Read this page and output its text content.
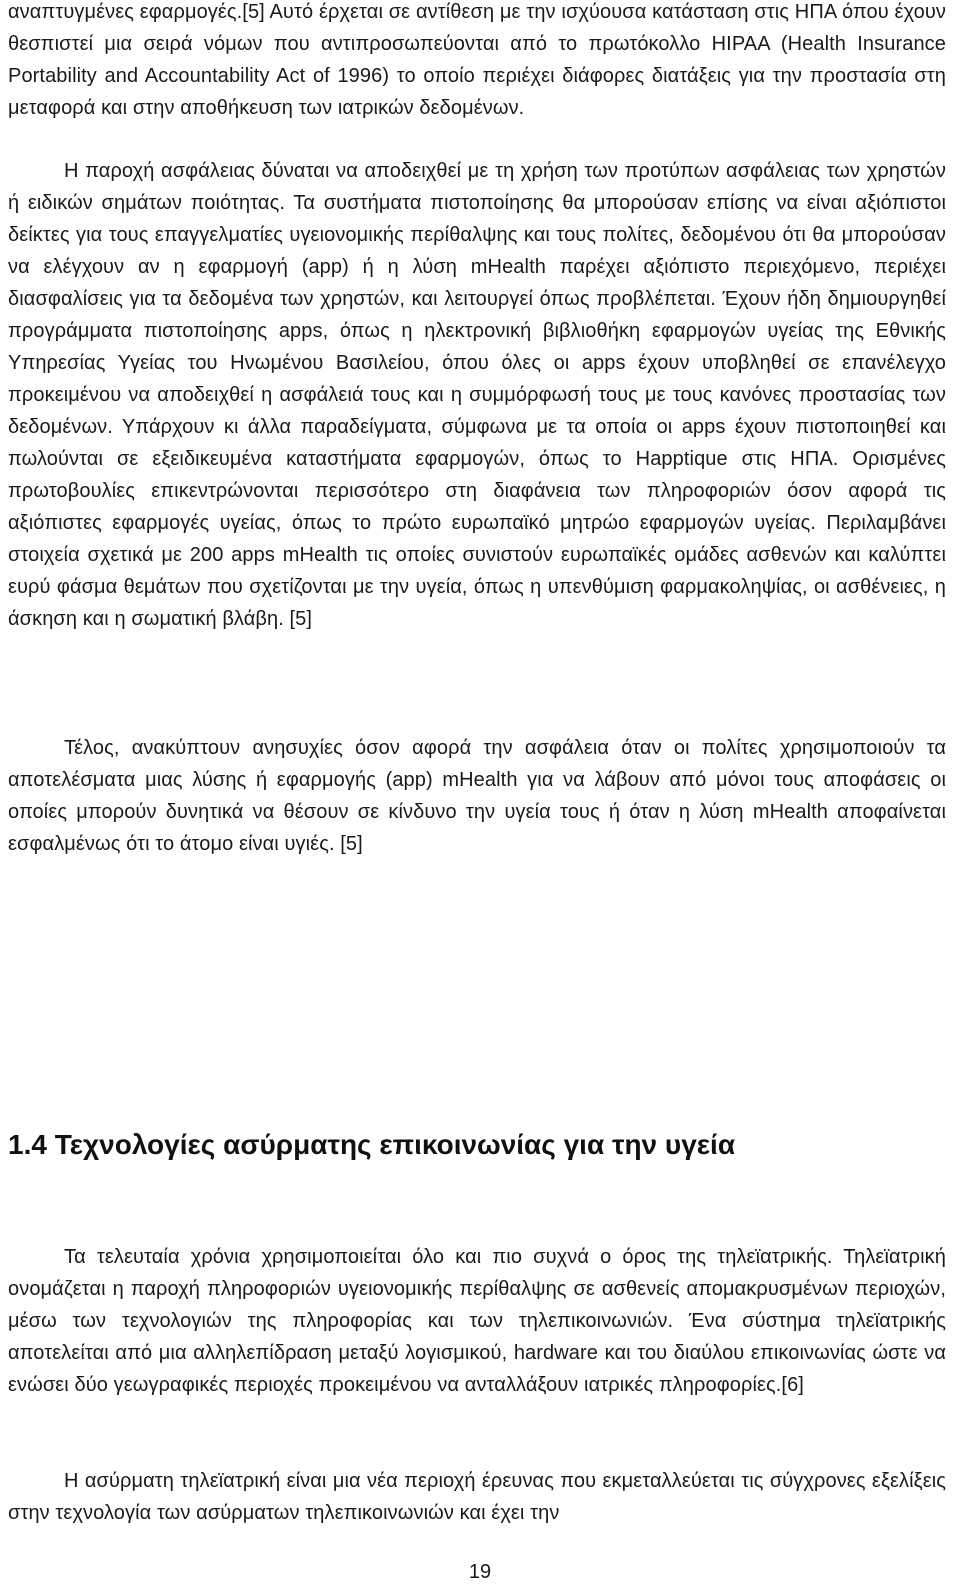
αναπτυγμένες εφαρμογές.[5] Αυτό έρχεται σε αντίθεση με την ισχύουσα κατάσταση στις ΗΠΑ όπου έχουν θεσπιστεί μια σειρά νόμων που αντιπροσωπεύονται από το πρωτόκολλο HIPAA (Health Insurance Portability and Accountability Act of 1996) το οποίο περιέχει διάφορες διατάξεις για την προστασία στη μεταφορά και στην αποθήκευση των ιατρικών δεδομένων.

Η παροχή ασφάλειας δύναται να αποδειχθεί με τη χρήση των προτύπων ασφάλειας των χρηστών ή ειδικών σημάτων ποιότητας. Τα συστήματα πιστοποίησης θα μπορούσαν επίσης να είναι αξιόπιστοι δείκτες για τους επαγγελματίες υγειονομικής περίθαλψης και τους πολίτες, δεδομένου ότι θα μπορούσαν να ελέγχουν αν η εφαρμογή (app) ή η λύση mHealth παρέχει αξιόπιστο περιεχόμενο, περιέχει διασφαλίσεις για τα δεδομένα των χρηστών, και λειτουργεί όπως προβλέπεται. Έχουν ήδη δημιουργηθεί προγράμματα πιστοποίησης apps, όπως η ηλεκτρονική βιβλιοθήκη εφαρμογών υγείας της Εθνικής Υπηρεσίας Υγείας του Ηνωμένου Βασιλείου, όπου όλες οι apps έχουν υποβληθεί σε επανέλεγχο προκειμένου να αποδειχθεί η ασφάλειά τους και η συμμόρφωσή τους με τους κανόνες προστασίας των δεδομένων. Υπάρχουν κι άλλα παραδείγματα, σύμφωνα με τα οποία οι apps έχουν πιστοποιηθεί και πωλούνται σε εξειδικευμένα καταστήματα εφαρμογών, όπως το Happtique στις ΗΠΑ. Ορισμένες πρωτοβουλίες επικεντρώνονται περισσότερο στη διαφάνεια των πληροφοριών όσον αφορά τις αξιόπιστες εφαρμογές υγείας, όπως το πρώτο ευρωπαϊκό μητρώο εφαρμογών υγείας. Περιλαμβάνει στοιχεία σχετικά με 200 apps mHealth τις οποίες συνιστούν ευρωπαϊκές ομάδες ασθενών και καλύπτει ευρύ φάσμα θεμάτων που σχετίζονται με την υγεία, όπως η υπενθύμιση φαρμακοληψίας, οι ασθένειες, η άσκηση και η σωματική βλάβη. [5]

Τέλος, ανακύπτουν ανησυχίες όσον αφορά την ασφάλεια όταν οι πολίτες χρησιμοποιούν τα αποτελέσματα μιας λύσης ή εφαρμογής (app) mHealth για να λάβουν από μόνοι τους αποφάσεις οι οποίες μπορούν δυνητικά να θέσουν σε κίνδυνο την υγεία τους ή όταν η λύση mHealth αποφαίνεται εσφαλμένως ότι το άτομο είναι υγιές. [5]

1.4 Τεχνολογίες ασύρματης επικοινωνίας για την υγεία

Τα τελευταία χρόνια χρησιμοποιείται όλο και πιο συχνά ο όρος της τηλεϊατρικής. Τηλεϊατρική ονομάζεται η παροχή πληροφοριών υγειονομικής περίθαλψης σε ασθενείς απομακρυσμένων περιοχών, μέσω των τεχνολογιών της πληροφορίας και των τηλεπικοινωνιών. Ένα σύστημα τηλεϊατρικής αποτελείται από μια αλληλεπίδραση μεταξύ λογισμικού, hardware και του διαύλου επικοινωνίας ώστε να ενώσει δύο γεωγραφικές περιοχές προκειμένου να ανταλλάξουν ιατρικές πληροφορίες.[6]

Η ασύρματη τηλεϊατρική είναι μια νέα περιοχή έρευνας που εκμεταλλεύεται τις σύγχρονες εξελίξεις στην τεχνολογία των ασύρματων τηλεπικοινωνιών και έχει την

19
